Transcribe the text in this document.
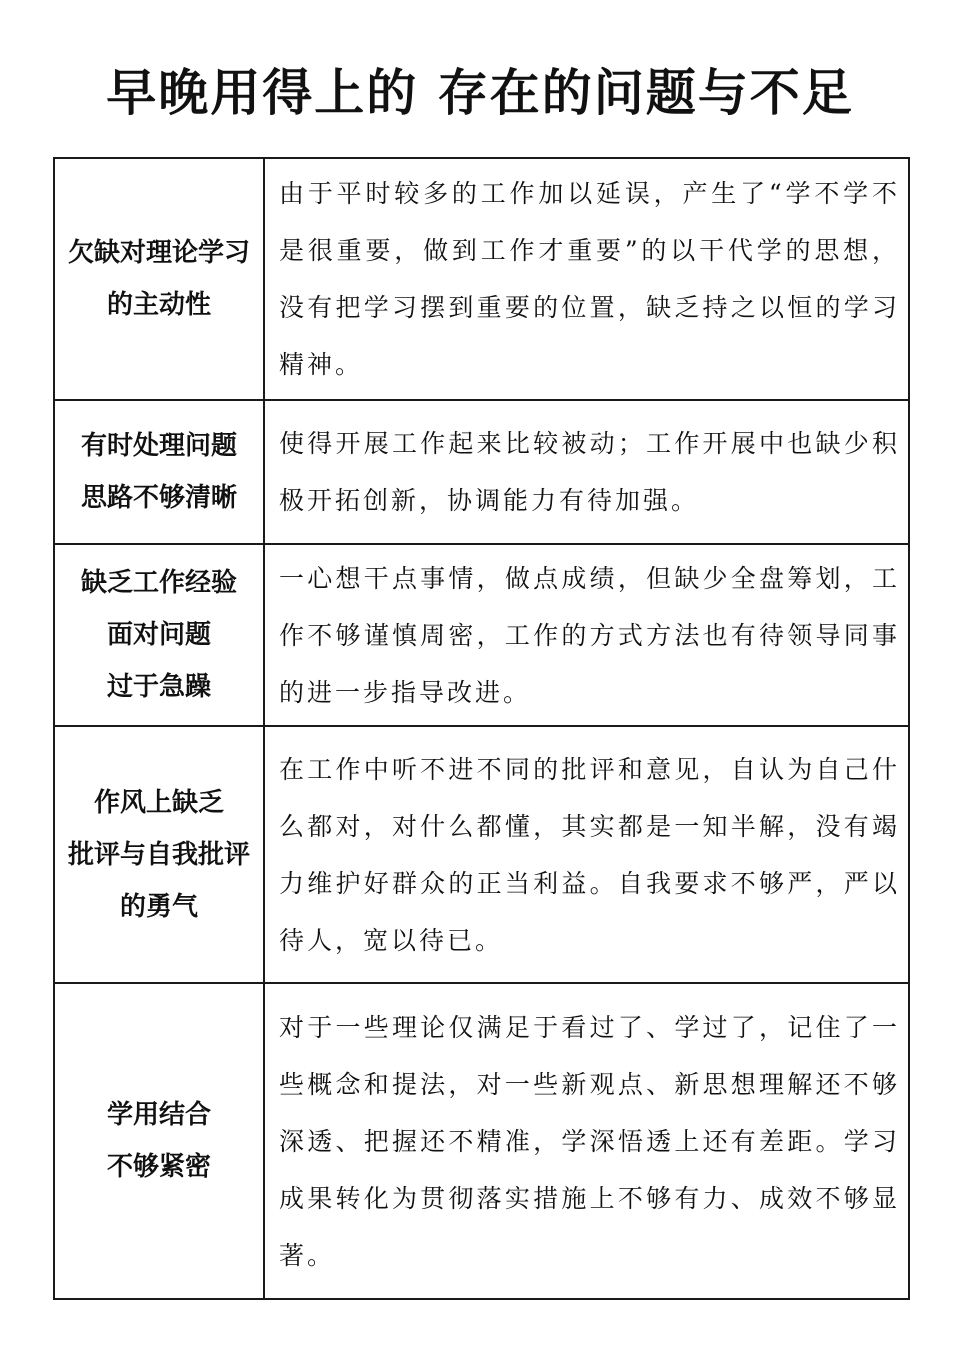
早晚用得上的 存在的问题与不足
欠缺对理论学习
的主动性	由于平时较多的工作加以延误，产生了“学不学不是很重要，做到工作才重要”的以干代学的思想，没有把学习摆到重要的位置，缺乏持之以恒的学习精神。
有时处理问题
思路不够清晰	使得开展工作起来比较被动；工作开展中也缺少积极开拓创新，协调能力有待加强。
缺乏工作经验
面对问题
过于急躁	一心想干点事情，做点成绩，但缺少全盘筹划，工作不够谨慎周密，工作的方式方法也有待领导同事的进一步指导改进。
作风上缺乏
批评与自我批评
的勇气	在工作中听不进不同的批评和意见，自认为自己什么都对，对什么都懂，其实都是一知半解，没有竭力维护好群众的正当利益。自我要求不够严，严以待人，宽以待已。
学用结合
不够紧密	对于一些理论仅满足于看过了、学过了，记住了一些概念和提法，对一些新观点、新思想理解还不够深透、把握还不精准，学深悟透上还有差距。学习成果转化为贯彻落实措施上不够有力、成效不够显著。
